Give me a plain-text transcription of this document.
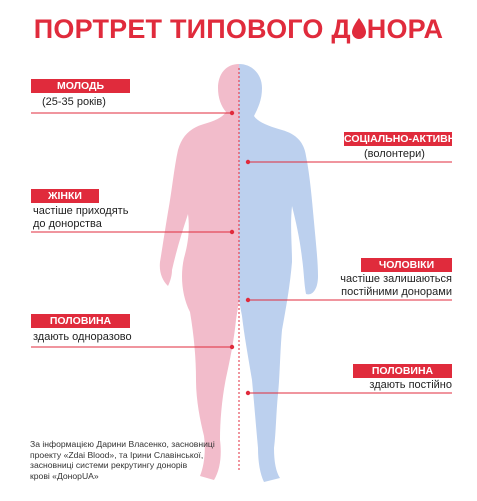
ПОРТРЕТ ТИПОВОГО Д НОРА
МОЛОДЬ
(25-35 років)
ЖІНКИ
частіше приходять
до донорства
ПОЛОВИНА
здають одноразово
СОЦІАЛЬНО-АКТИВНІ
(волонтери)
ЧОЛОВІКИ
частіше залишаються
постійними донорами
ПОЛОВИНА
здають постійно
За інформацією Дарини Власенко, засновниці
проекту «Zdai Blood», та Ірини Славінської,
засновниці системи рекрутингу донорів
крові «ДонорUA»
